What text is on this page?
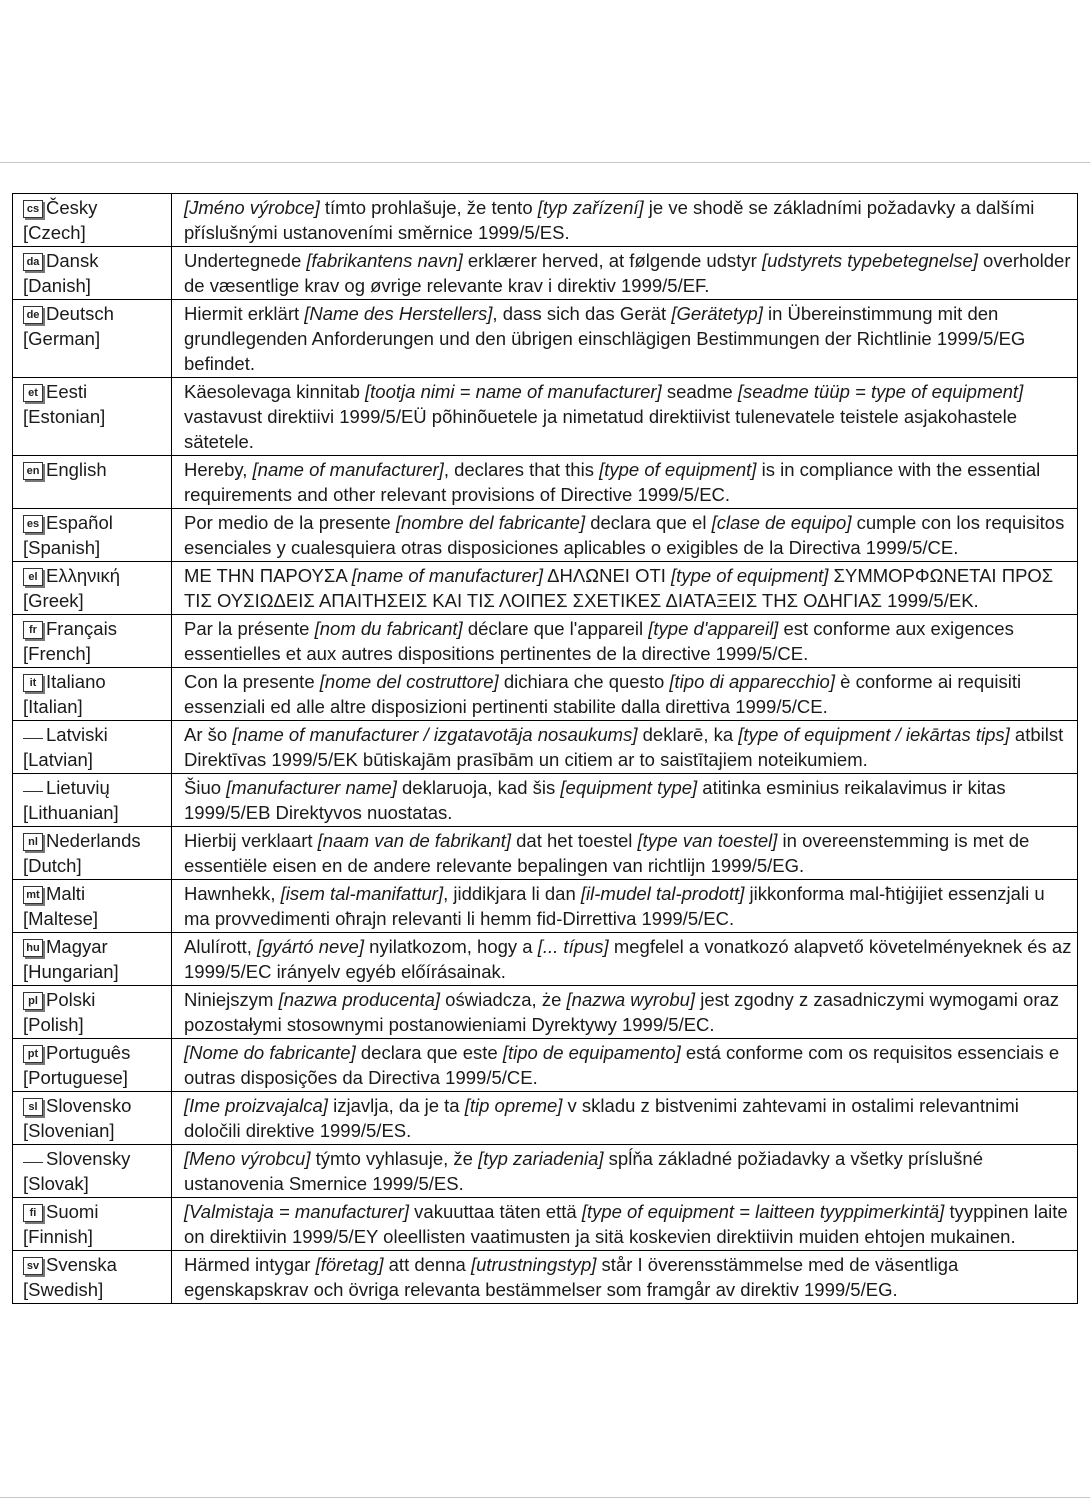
cs Česky
[Czech]	[Jméno výrobce] tímto prohlašuje, že tento [typ zařízení] je ve shodě se základními požadavky a dalšími příslušnými ustanoveními směrnice 1999/5/ES.
da Dansk
[Danish]	Undertegnede [fabrikantens navn] erklærer herved, at følgende udstyr [udstyrets typebetegnelse] overholder de væsentlige krav og øvrige relevante krav i direktiv 1999/5/EF.
de Deutsch
[German]	Hiermit erklärt [Name des Herstellers], dass sich das Gerät [Gerätetyp] in Übereinstimmung mit den grundlegenden Anforderungen und den übrigen einschlägigen Bestimmungen der Richtlinie 1999/5/EG befindet.
et Eesti
[Estonian]	Käesolevaga kinnitab [tootja nimi = name of manufacturer] seadme [seadme tüüp = type of equipment] vastavust direktiivi 1999/5/EÜ põhinõuetele ja nimetatud direktiivist tulenevatele teistele asjakohastele sätetele.
en English	Hereby, [name of manufacturer], declares that this [type of equipment] is in compliance with the essential requirements and other relevant provisions of Directive 1999/5/EC.
es Español
[Spanish]	Por medio de la presente [nombre del fabricante] declara que el [clase de equipo] cumple con los requisitos esenciales y cualesquiera otras disposiciones aplicables o exigibles de la Directiva 1999/5/CE.
el Ελληνική
[Greek]	ΜΕ ΤΗΝ ΠΑΡΟΥΣΑ [name of manufacturer] ΔΗΛΩΝΕΙ ΟΤΙ [type of equipment] ΣΥΜΜΟΡΦΩΝΕΤΑΙ ΠΡΟΣ ΤΙΣ ΟΥΣΙΩΔΕΙΣ ΑΠΑΙΤΗΣΕΙΣ ΚΑΙ ΤΙΣ ΛΟΙΠΕΣ ΣΧΕΤΙΚΕΣ ΔΙΑΤΑΞΕΙΣ ΤΗΣ ΟΔΗΓΙΑΣ 1999/5/ΕΚ.
fr Français
[French]	Par la présente [nom du fabricant] déclare que l'appareil [type d'appareil] est conforme aux exigences essentielles et aux autres dispositions pertinentes de la directive 1999/5/CE.
it Italiano
[Italian]	Con la presente [nome del costruttore] dichiara che questo [tipo di apparecchio] è conforme ai requisiti essenziali ed alle altre disposizioni pertinenti stabilite dalla direttiva 1999/5/CE.
Latviski
[Latvian]	Ar šo [name of manufacturer / izgatavotāja nosaukums] deklarē, ka [type of equipment / iekārtas tips] atbilst Direktīvas 1999/5/EK būtiskajām prasībām un citiem ar to saistītajiem noteikumiem.
Lietuvių
[Lithuanian]	Šiuo [manufacturer name] deklaruoja, kad šis [equipment type] atitinka esminius reikalavimus ir kitas 1999/5/EB Direktyvos nuostatas.
nl Nederlands
[Dutch]	Hierbij verklaart [naam van de fabrikant] dat het toestel [type van toestel] in overeenstemming is met de essentiële eisen en de andere relevante bepalingen van richtlijn 1999/5/EG.
mt Malti
[Maltese]	Hawnhekk, [isem tal-manifattur], jiddikjara li dan [il-mudel tal-prodott] jikkonforma mal-ħtiġijiet essenzjali u ma provvedimenti oħrajn relevanti li hemm fid-Dirrettiva 1999/5/EC.
hu Magyar
[Hungarian]	Alulírott, [gyártó neve] nyilatkozom, hogy a [... típus] megfelel a vonatkozó alapvető követelményeknek és az 1999/5/EC irányelv egyéb előírásainak.
pl Polski
[Polish]	Niniejszym [nazwa producenta] oświadcza, że [nazwa wyrobu] jest zgodny z zasadniczymi wymogami oraz pozostałymi stosownymi postanowieniami Dyrektywy 1999/5/EC.
pt Português
[Portuguese]	[Nome do fabricante] declara que este [tipo de equipamento] está conforme com os requisitos essenciais e outras disposições da Directiva 1999/5/CE.
sl Slovensko
[Slovenian]	[Ime proizvajalca] izjavlja, da je ta [tip opreme] v skladu z bistvenimi zahtevami in ostalimi relevantnimi določili direktive 1999/5/ES.
Slovensky
[Slovak]	[Meno výrobcu] týmto vyhlasuje, že [typ zariadenia] spĺňa základné požiadavky a všetky príslušné ustanovenia Smernice 1999/5/ES.
fi Suomi
[Finnish]	[Valmistaja = manufacturer] vakuuttaa täten että [type of equipment = laitteen tyyppimerkintä] tyyppinen laite on direktiivin 1999/5/EY oleellisten vaatimusten ja sitä koskevien direktiivin muiden ehtojen mukainen.
sv Svenska
[Swedish]	Härmed intygar [företag] att denna [utrustningstyp] står I överensstämmelse med de väsentliga egenskapskrav och övriga relevanta bestämmelser som framgår av direktiv 1999/5/EG.
